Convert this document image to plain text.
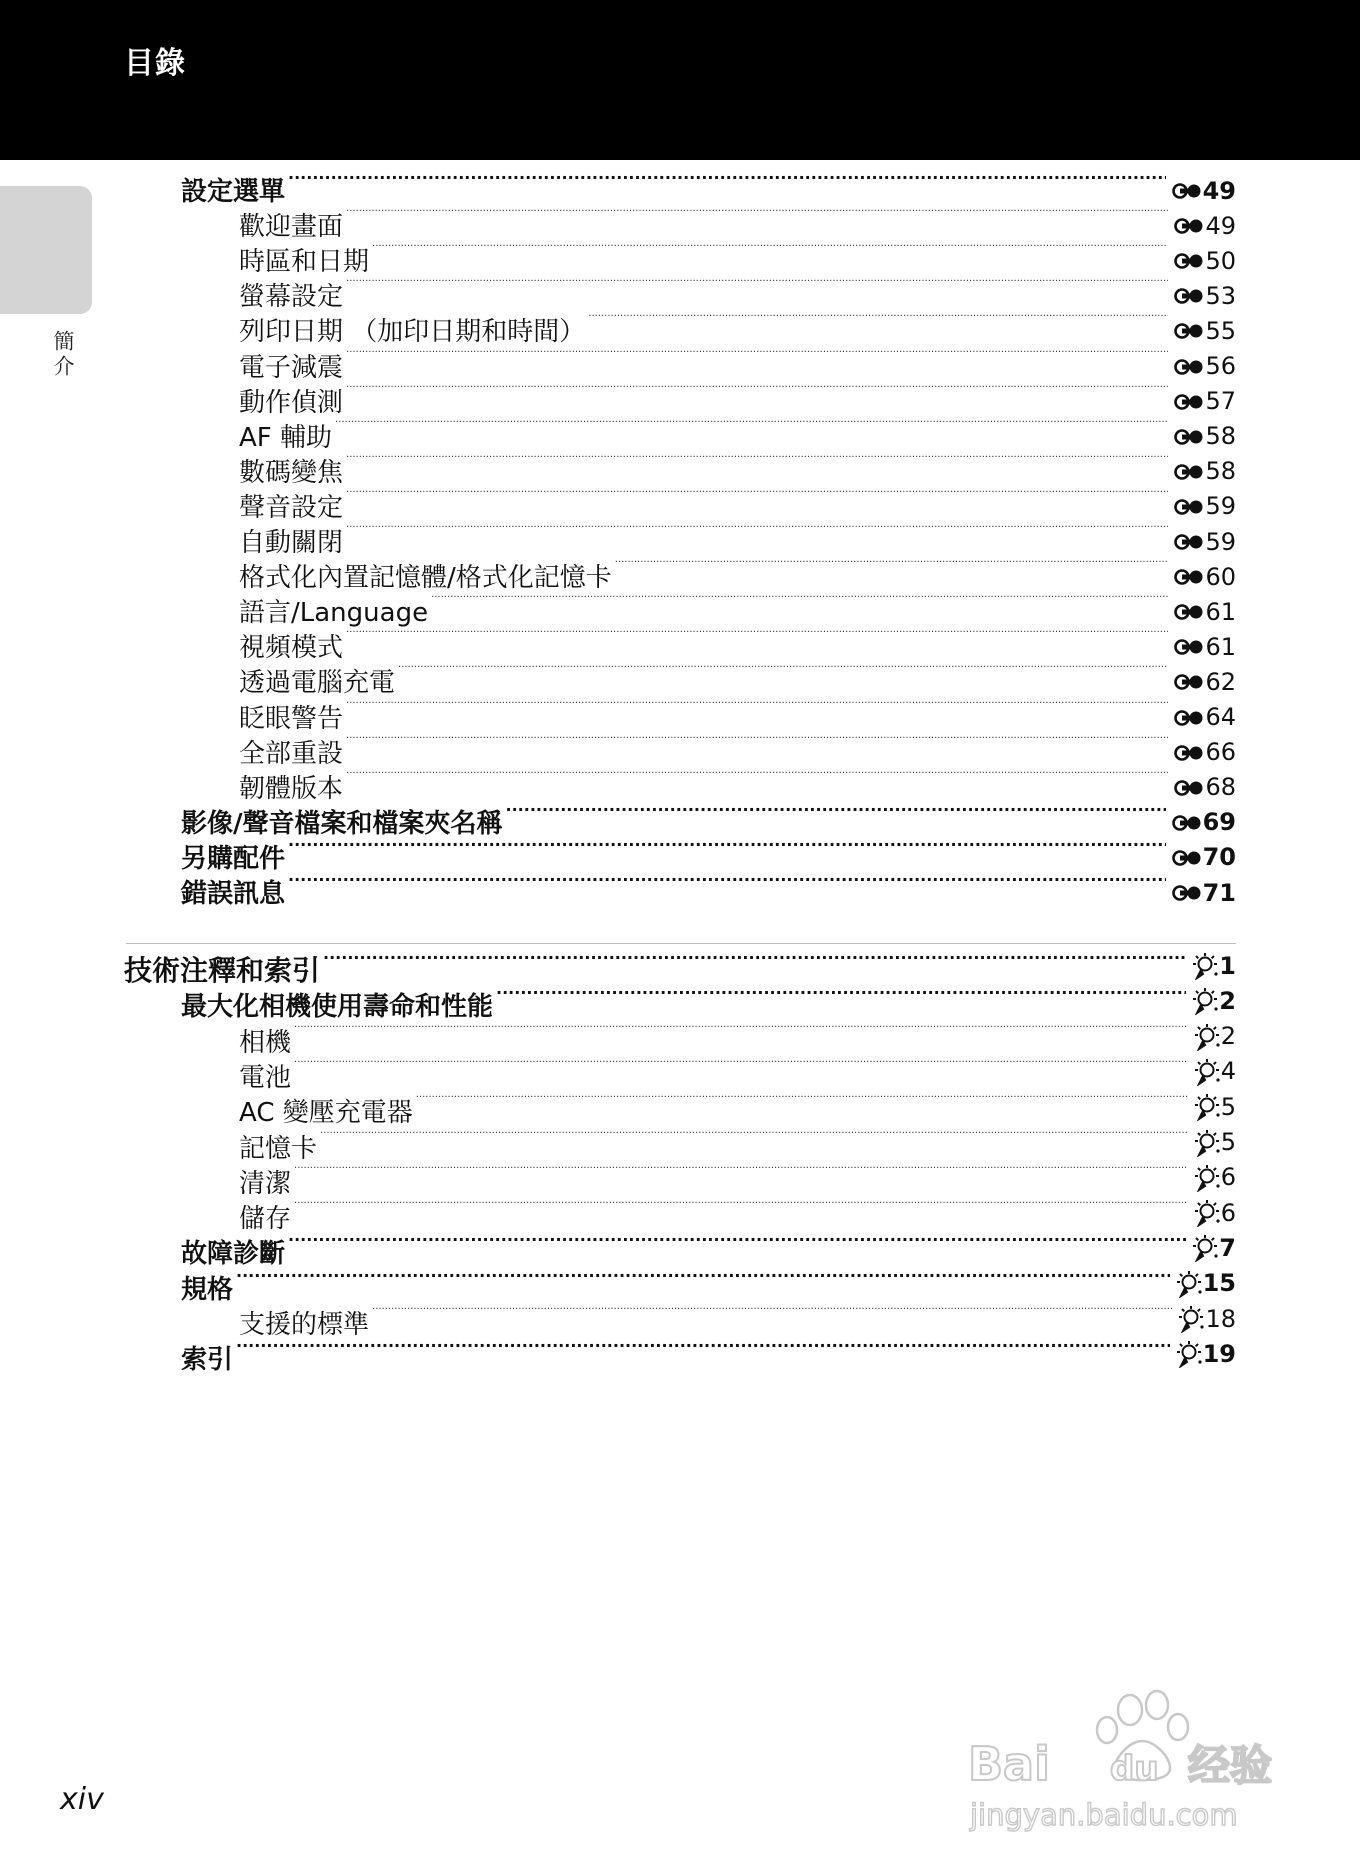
目錄
簡介
設定選單 .....	49
歡迎畫面 .....	49
時區和日期 .....	50
螢幕設定 .....	53
列印日期 （加印日期和時間） .....	55
電子減震 .....	56
動作偵測 .....	57
AF 輔助 .....	58
數碼變焦 .....	58
聲音設定 .....	59
自動關閉 .....	59
格式化內置記憶體/格式化記憶卡 .....	60
語言/Language .....	61
視頻模式 .....	61
透過電腦充電 .....	62
眨眼警告 .....	64
全部重設 .....	66
韌體版本 .....	68
影像/聲音檔案和檔案夾名稱 .....	69
另購配件 .....	70
錯誤訊息 .....	71
技術注釋和索引 .....	1
最大化相機使用壽命和性能 .....	2
相機 .....	2
電池 .....	4
AC 變壓充電器 .....	5
記憶卡 .....	5
清潔 .....	6
儲存 .....	6
故障診斷 .....	7
規格 .....	15
支援的標準 .....	18
索引 .....	19
xiv
Bai du 经验
jingyan.baidu.com
